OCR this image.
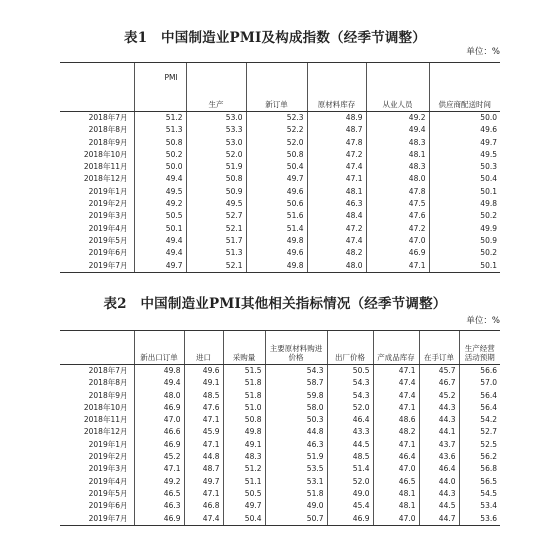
表1　中国制造业PMI及构成指数（经季节调整）
单位：%
	PMI	生产	新订单	原材料库存	从业人员	供应商配送时间
2018年7月	51.2	53.0	52.3	48.9	49.2	50.0
2018年8月	51.3	53.3	52.2	48.7	49.4	49.6
2018年9月	50.8	53.0	52.0	47.8	48.3	49.7
2018年10月	50.2	52.0	50.8	47.2	48.1	49.5
2018年11月	50.0	51.9	50.4	47.4	48.3	50.3
2018年12月	49.4	50.8	49.7	47.1	48.0	50.4
2019年1月	49.5	50.9	49.6	48.1	47.8	50.1
2019年2月	49.2	49.5	50.6	46.3	47.5	49.8
2019年3月	50.5	52.7	51.6	48.4	47.6	50.2
2019年4月	50.1	52.1	51.4	47.2	47.2	49.9
2019年5月	49.4	51.7	49.8	47.4	47.0	50.9
2019年6月	49.4	51.3	49.6	48.2	46.9	50.2
2019年7月	49.7	52.1	49.8	48.0	47.1	50.1
表2　中国制造业PMI其他相关指标情况（经季节调整）
单位：%
	新出口订单	进口	采购量	主要原材料购进价格	出厂价格	产成品库存	在手订单	生产经营活动预期
2018年7月	49.8	49.6	51.5	54.3	50.5	47.1	45.7	56.6
2018年8月	49.4	49.1	51.8	58.7	54.3	47.4	46.7	57.0
2018年9月	48.0	48.5	51.8	59.8	54.3	47.4	45.2	56.4
2018年10月	46.9	47.6	51.0	58.0	52.0	47.1	44.3	56.4
2018年11月	47.0	47.1	50.8	50.3	46.4	48.6	44.3	54.2
2018年12月	46.6	45.9	49.8	44.8	43.3	48.2	44.1	52.7
2019年1月	46.9	47.1	49.1	46.3	44.5	47.1	43.7	52.5
2019年2月	45.2	44.8	48.3	51.9	48.5	46.4	43.6	56.2
2019年3月	47.1	48.7	51.2	53.5	51.4	47.0	46.4	56.8
2019年4月	49.2	49.7	51.1	53.1	52.0	46.5	44.0	56.5
2019年5月	46.5	47.1	50.5	51.8	49.0	48.1	44.3	54.5
2019年6月	46.3	46.8	49.7	49.0	45.4	48.1	44.5	53.4
2019年7月	46.9	47.4	50.4	50.7	46.9	47.0	44.7	53.6
